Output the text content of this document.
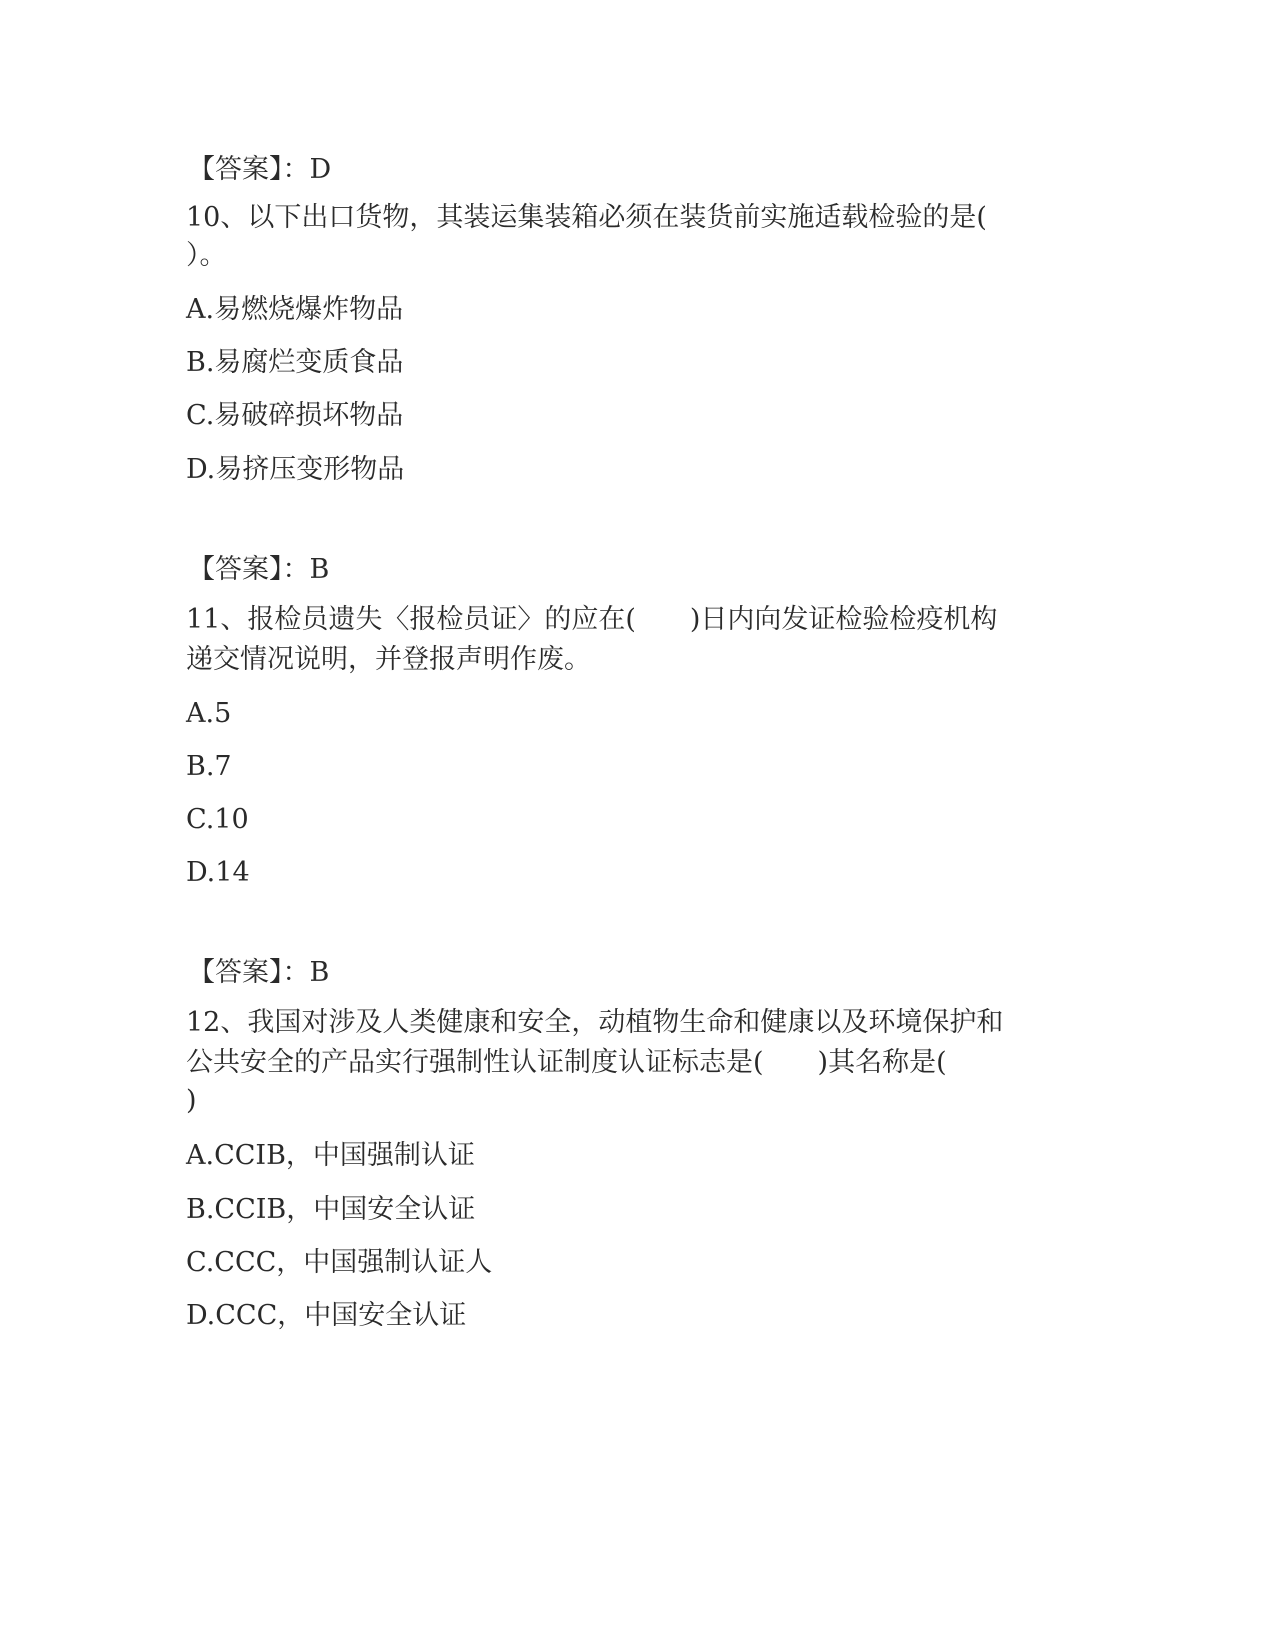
【答案】：D
10、以下出口货物，其装运集装箱必须在装货前实施适载检验的是(
）。
A.易燃烧爆炸物品
B.易腐烂变质食品
C.易破碎损坏物品
D.易挤压变形物品
【答案】：B
11、报检员遗失〈报检员证〉的应在(　　)日内向发证检验检疫机构
递交情况说明，并登报声明作废。
A.5
B.7
C.10
D.14
【答案】：B
12、我国对涉及人类健康和安全，动植物生命和健康以及环境保护和
公共安全的产品实行强制性认证制度认证标志是(　　)其名称是(
)
A.CCIB，中国强制认证
B.CCIB，中国安全认证
C.CCC，中国强制认证人
D.CCC，中国安全认证
